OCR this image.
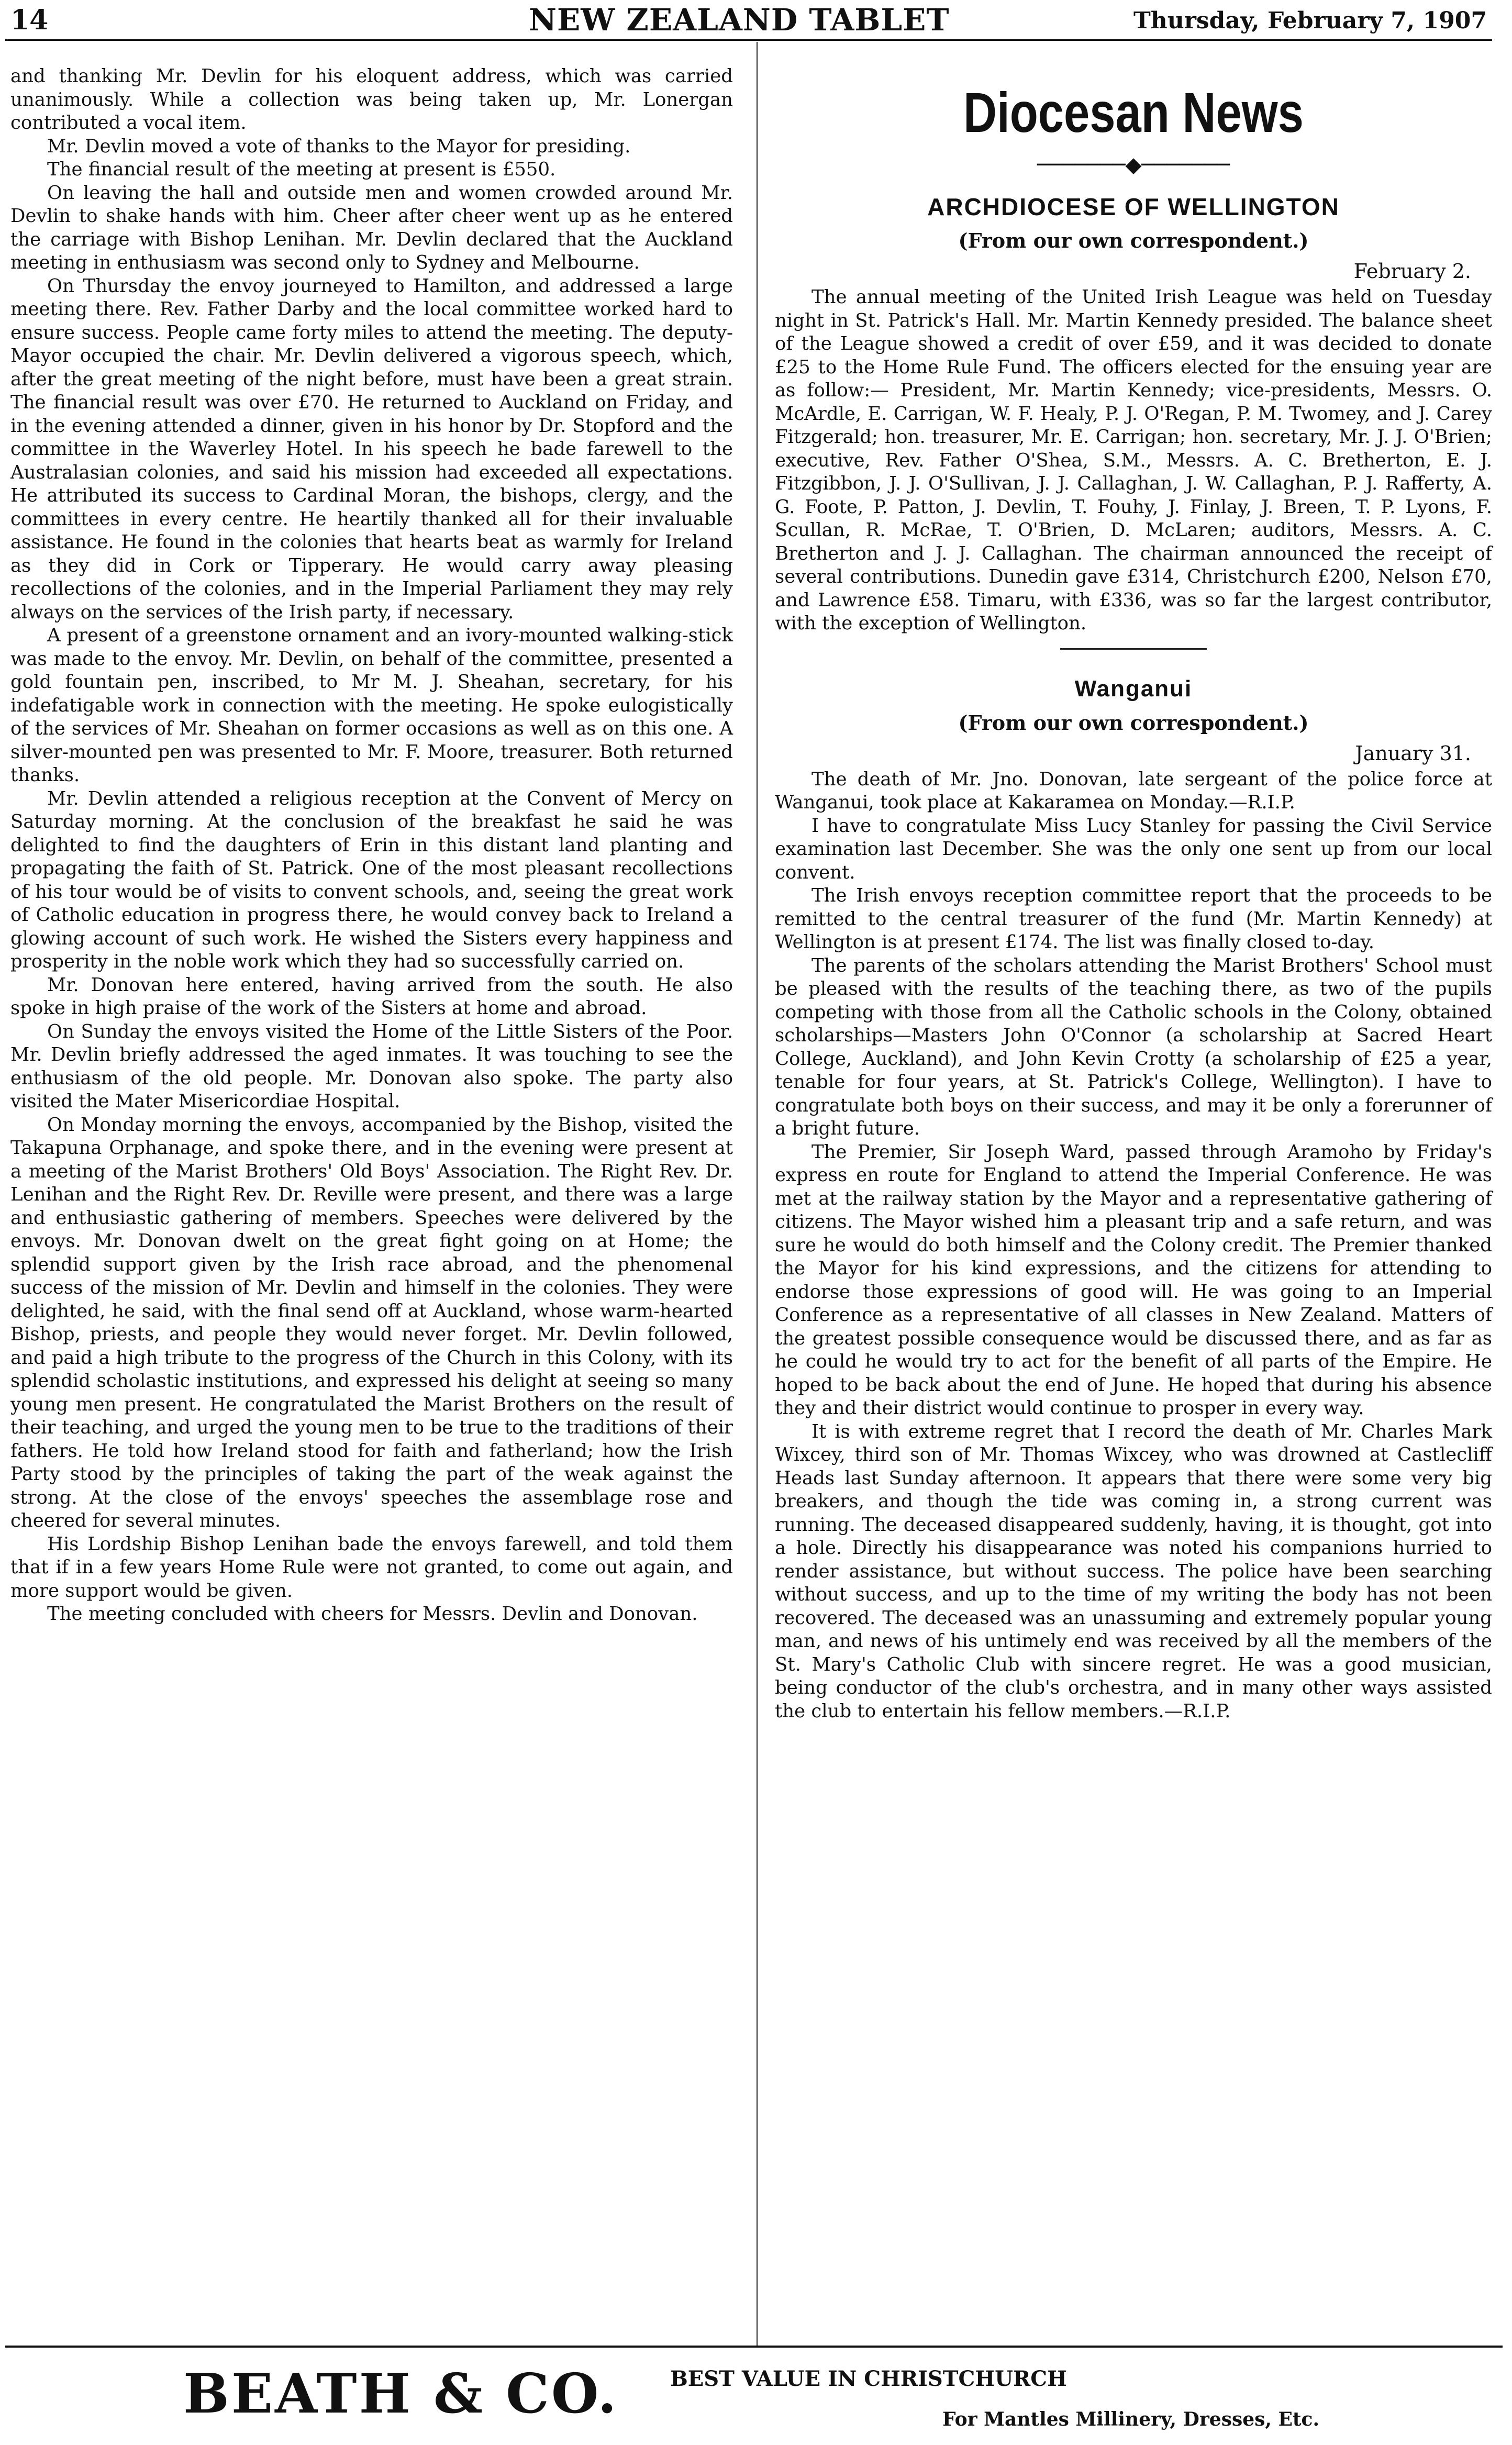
14	NEW ZEALAND TABLET	Thursday, February 7, 1907

and thanking Mr. Devlin for his eloquent address, which was carried unanimously. While a collection was being taken up, Mr. Lonergan contributed a vocal item.

Mr. Devlin moved a vote of thanks to the Mayor for presiding.

The financial result of the meeting at present is £550.

On leaving the hall and outside men and women crowded around Mr. Devlin to shake hands with him. Cheer after cheer went up as he entered the carriage with Bishop Lenihan. Mr. Devlin declared that the Auckland meeting in enthusiasm was second only to Sydney and Melbourne.

On Thursday the envoy journeyed to Hamilton, and addressed a large meeting there. Rev. Father Darby and the local committee worked hard to ensure success. People came forty miles to attend the meeting. The deputy-Mayor occupied the chair. Mr. Devlin delivered a vigorous speech, which, after the great meeting of the night before, must have been a great strain. The financial result was over £70. He returned to Auckland on Friday, and in the evening attended a dinner, given in his honor by Dr. Stopford and the committee in the Waverley Hotel. In his speech he bade farewell to the Australasian colonies, and said his mission had exceeded all expectations. He attributed its success to Cardinal Moran, the bishops, clergy, and the committees in every centre. He heartily thanked all for their invaluable assistance. He found in the colonies that hearts beat as warmly for Ireland as they did in Cork or Tipperary. He would carry away pleasing recollections of the colonies, and in the Imperial Parliament they may rely always on the services of the Irish party, if necessary.

A present of a greenstone ornament and an ivory-mounted walking-stick was made to the envoy. Mr. Devlin, on behalf of the committee, presented a gold fountain pen, inscribed, to Mr M. J. Sheahan, secretary, for his indefatigable work in connection with the meeting. He spoke eulogistically of the services of Mr. Sheahan on former occasions as well as on this one. A silver-mounted pen was presented to Mr. F. Moore, treasurer. Both returned thanks.

Mr. Devlin attended a religious reception at the Convent of Mercy on Saturday morning. At the conclusion of the breakfast he said he was delighted to find the daughters of Erin in this distant land planting and propagating the faith of St. Patrick. One of the most pleasant recollections of his tour would be of visits to convent schools, and, seeing the great work of Catholic education in progress there, he would convey back to Ireland a glowing account of such work. He wished the Sisters every happiness and prosperity in the noble work which they had so successfully carried on.

Mr. Donovan here entered, having arrived from the south. He also spoke in high praise of the work of the Sisters at home and abroad.

On Sunday the envoys visited the Home of the Little Sisters of the Poor. Mr. Devlin briefly addressed the aged inmates. It was touching to see the enthusiasm of the old people. Mr. Donovan also spoke. The party also visited the Mater Misericordiae Hospital.

On Monday morning the envoys, accompanied by the Bishop, visited the Takapuna Orphanage, and spoke there, and in the evening were present at a meeting of the Marist Brothers' Old Boys' Association. The Right Rev. Dr. Lenihan and the Right Rev. Dr. Reville were present, and there was a large and enthusiastic gathering of members. Speeches were delivered by the envoys. Mr. Donovan dwelt on the great fight going on at Home; the splendid support given by the Irish race abroad, and the phenomenal success of the mission of Mr. Devlin and himself in the colonies. They were delighted, he said, with the final send off at Auckland, whose warm-hearted Bishop, priests, and people they would never forget. Mr. Devlin followed, and paid a high tribute to the progress of the Church in this Colony, with its splendid scholastic institutions, and expressed his delight at seeing so many young men present. He congratulated the Marist Brothers on the result of their teaching, and urged the young men to be true to the traditions of their fathers. He told how Ireland stood for faith and fatherland; how the Irish Party stood by the principles of taking the part of the weak against the strong. At the close of the envoys' speeches the assemblage rose and cheered for several minutes.

His Lordship Bishop Lenihan bade the envoys farewell, and told them that if in a few years Home Rule were not granted, to come out again, and more support would be given.

The meeting concluded with cheers for Messrs. Devlin and Donovan.

Diocesan News
───────◆───────
ARCHDIOCESE OF WELLINGTON
(From our own correspondent.)
February 2.

The annual meeting of the United Irish League was held on Tuesday night in St. Patrick's Hall. Mr. Martin Kennedy presided. The balance sheet of the League showed a credit of over £59, and it was decided to donate £25 to the Home Rule Fund. The officers elected for the ensuing year are as follow:— President, Mr. Martin Kennedy; vice-presidents, Messrs. O. McArdle, E. Carrigan, W. F. Healy, P. J. O'Regan, P. M. Twomey, and J. Carey Fitzgerald; hon. treasurer, Mr. E. Carrigan; hon. secretary, Mr. J. J. O'Brien; executive, Rev. Father O'Shea, S.M., Messrs. A. C. Bretherton, E. J. Fitzgibbon, J. J. O'Sullivan, J. J. Callaghan, J. W. Callaghan, P. J. Rafferty, A. G. Foote, P. Patton, J. Devlin, T. Fouhy, J. Finlay, J. Breen, T. P. Lyons, F. Scullan, R. McRae, T. O'Brien, D. McLaren; auditors, Messrs. A. C. Bretherton and J. J. Callaghan. The chairman announced the receipt of several contributions. Dunedin gave £314, Christchurch £200, Nelson £70, and Lawrence £58. Timaru, with £336, was so far the largest contributor, with the exception of Wellington.

Wanganui
(From our own correspondent.)
January 31.

The death of Mr. Jno. Donovan, late sergeant of the police force at Wanganui, took place at Kakaramea on Monday.—R.I.P.

I have to congratulate Miss Lucy Stanley for passing the Civil Service examination last December. She was the only one sent up from our local convent.

The Irish envoys reception committee report that the proceeds to be remitted to the central treasurer of the fund (Mr. Martin Kennedy) at Wellington is at present £174. The list was finally closed to-day.

The parents of the scholars attending the Marist Brothers' School must be pleased with the results of the teaching there, as two of the pupils competing with those from all the Catholic schools in the Colony, obtained scholarships—Masters John O'Connor (a scholarship at Sacred Heart College, Auckland), and John Kevin Crotty (a scholarship of £25 a year, tenable for four years, at St. Patrick's College, Wellington). I have to congratulate both boys on their success, and may it be only a forerunner of a bright future.

The Premier, Sir Joseph Ward, passed through Aramoho by Friday's express en route for England to attend the Imperial Conference. He was met at the railway station by the Mayor and a representative gathering of citizens. The Mayor wished him a pleasant trip and a safe return, and was sure he would do both himself and the Colony credit. The Premier thanked the Mayor for his kind expressions, and the citizens for attending to endorse those expressions of good will. He was going to an Imperial Conference as a representative of all classes in New Zealand. Matters of the greatest possible consequence would be discussed there, and as far as he could he would try to act for the benefit of all parts of the Empire. He hoped to be back about the end of June. He hoped that during his absence they and their district would continue to prosper in every way.

It is with extreme regret that I record the death of Mr. Charles Mark Wixcey, third son of Mr. Thomas Wixcey, who was drowned at Castlecliff Heads last Sunday afternoon. It appears that there were some very big breakers, and though the tide was coming in, a strong current was running. The deceased disappeared suddenly, having, it is thought, got into a hole. Directly his disappearance was noted his companions hurried to render assistance, but without success. The police have been searching without success, and up to the time of my writing the body has not been recovered. The deceased was an unassuming and extremely popular young man, and news of his untimely end was received by all the members of the St. Mary's Catholic Club with sincere regret. He was a good musician, being conductor of the club's orchestra, and in many other ways assisted the club to entertain his fellow members.—R.I.P.

BEATH & CO. BEST VALUE IN CHRISTCHURCH
For Mantles Millinery, Dresses, Etc.
